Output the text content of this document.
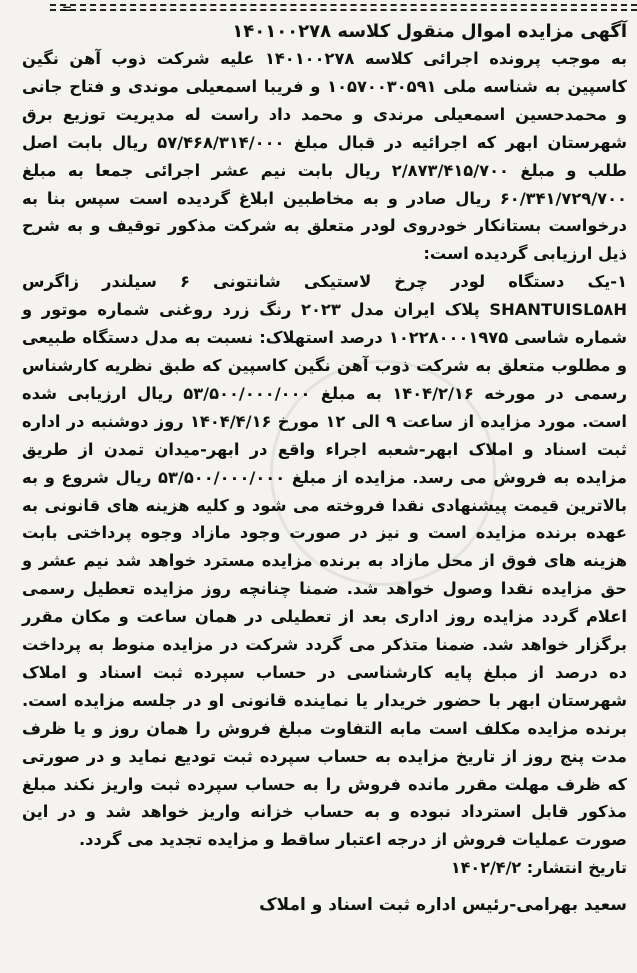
=
آگهی مزایده اموال منقول کلاسه ۱۴۰۱۰۰۲۷۸

به موجب پرونده اجرائی کلاسه ۱۴۰۱۰۰۲۷۸ علیه شرکت ذوب آهن نگین کاسپین به شناسه ملی ۱۰۵۷۰۰۳۰۵۹۱ و فریبا اسمعیلی موندی و فتاح جانی و محمدحسین اسمعیلی مرندی و محمد داد راست له مدیریت توزیع برق شهرستان ابهر که اجرائیه در قبال مبلغ ۵۷/۴۶۸/۳۱۴/۰۰۰ ریال بابت اصل طلب و مبلغ ۲/۸۷۳/۴۱۵/۷۰۰ ریال بابت نیم عشر اجرائی جمعا به مبلغ ۶۰/۳۴۱/۷۲۹/۷۰۰ ریال صادر و به مخاطبین ابلاغ گردیده است سپس بنا به درخواست بستانکار خودروی لودر متعلق به شرکت مذکور توقیف و به شرح ذیل ارزیابی گردیده است:

۱-یک دستگاه لودر چرخ لاستیکی شانتونی ۶ سیلندر زاگرس SHANTUISL۵۸H پلاک ایران مدل ۲۰۲۳ رنگ زرد روغنی شماره موتور و شماره شاسی ۱۰۲۲۸۰۰۰۱۹۷۵ درصد استهلاک: نسبت به مدل دستگاه طبیعی و مطلوب متعلق به شرکت ذوب آهن نگین کاسپین که طبق نظریه کارشناس رسمی در مورخه ۱۴۰۴/۲/۱۶ به مبلغ ۵۳/۵۰۰/۰۰۰/۰۰۰ ریال ارزیابی شده است. مورد مزایده از ساعت ۹ الی ۱۲ مورخ ۱۴۰۴/۴/۱۶ روز دوشنبه در اداره ثبت اسناد و املاک ابهر-شعبه اجراء واقع در ابهر-میدان تمدن از طریق مزایده به فروش می رسد. مزایده از مبلغ ۵۳/۵۰۰/۰۰۰/۰۰۰ ریال شروع و به بالاترین قیمت پیشنهادی نقدا فروخته می شود و کلیه هزینه های قانونی به عهده برنده مزایده است و نیز در صورت وجود مازاد وجوه پرداختی بابت هزینه های فوق از محل مازاد به برنده مزایده مسترد خواهد شد نیم عشر و حق مزایده نقدا وصول خواهد شد. ضمنا چنانچه روز مزایده تعطیل رسمی اعلام گردد مزایده روز اداری بعد از تعطیلی در همان ساعت و مکان مقرر برگزار خواهد شد. ضمنا متذکر می گردد شرکت در مزایده منوط به پرداخت ده درصد از مبلغ پایه کارشناسی در حساب سپرده ثبت اسناد و املاک شهرستان ابهر با حضور خریدار یا نماینده قانونی او در جلسه مزایده است. برنده مزایده مکلف است مابه التفاوت مبلغ فروش را همان روز و یا ظرف مدت پنج روز از تاریخ مزایده به حساب سپرده ثبت تودیع نماید و در صورتی که ظرف مهلت مقرر مانده فروش را به حساب سپرده ثبت واریز نکند مبلغ مذکور قابل استرداد نبوده و به حساب خزانه واریز خواهد شد و در این صورت عملیات فروش از درجه اعتبار ساقط و مزایده تجدید می گردد.

تاریخ انتشار: ۱۴۰۲/۴/۲
سعید بهرامی-رئیس اداره ثبت اسناد و املاک
